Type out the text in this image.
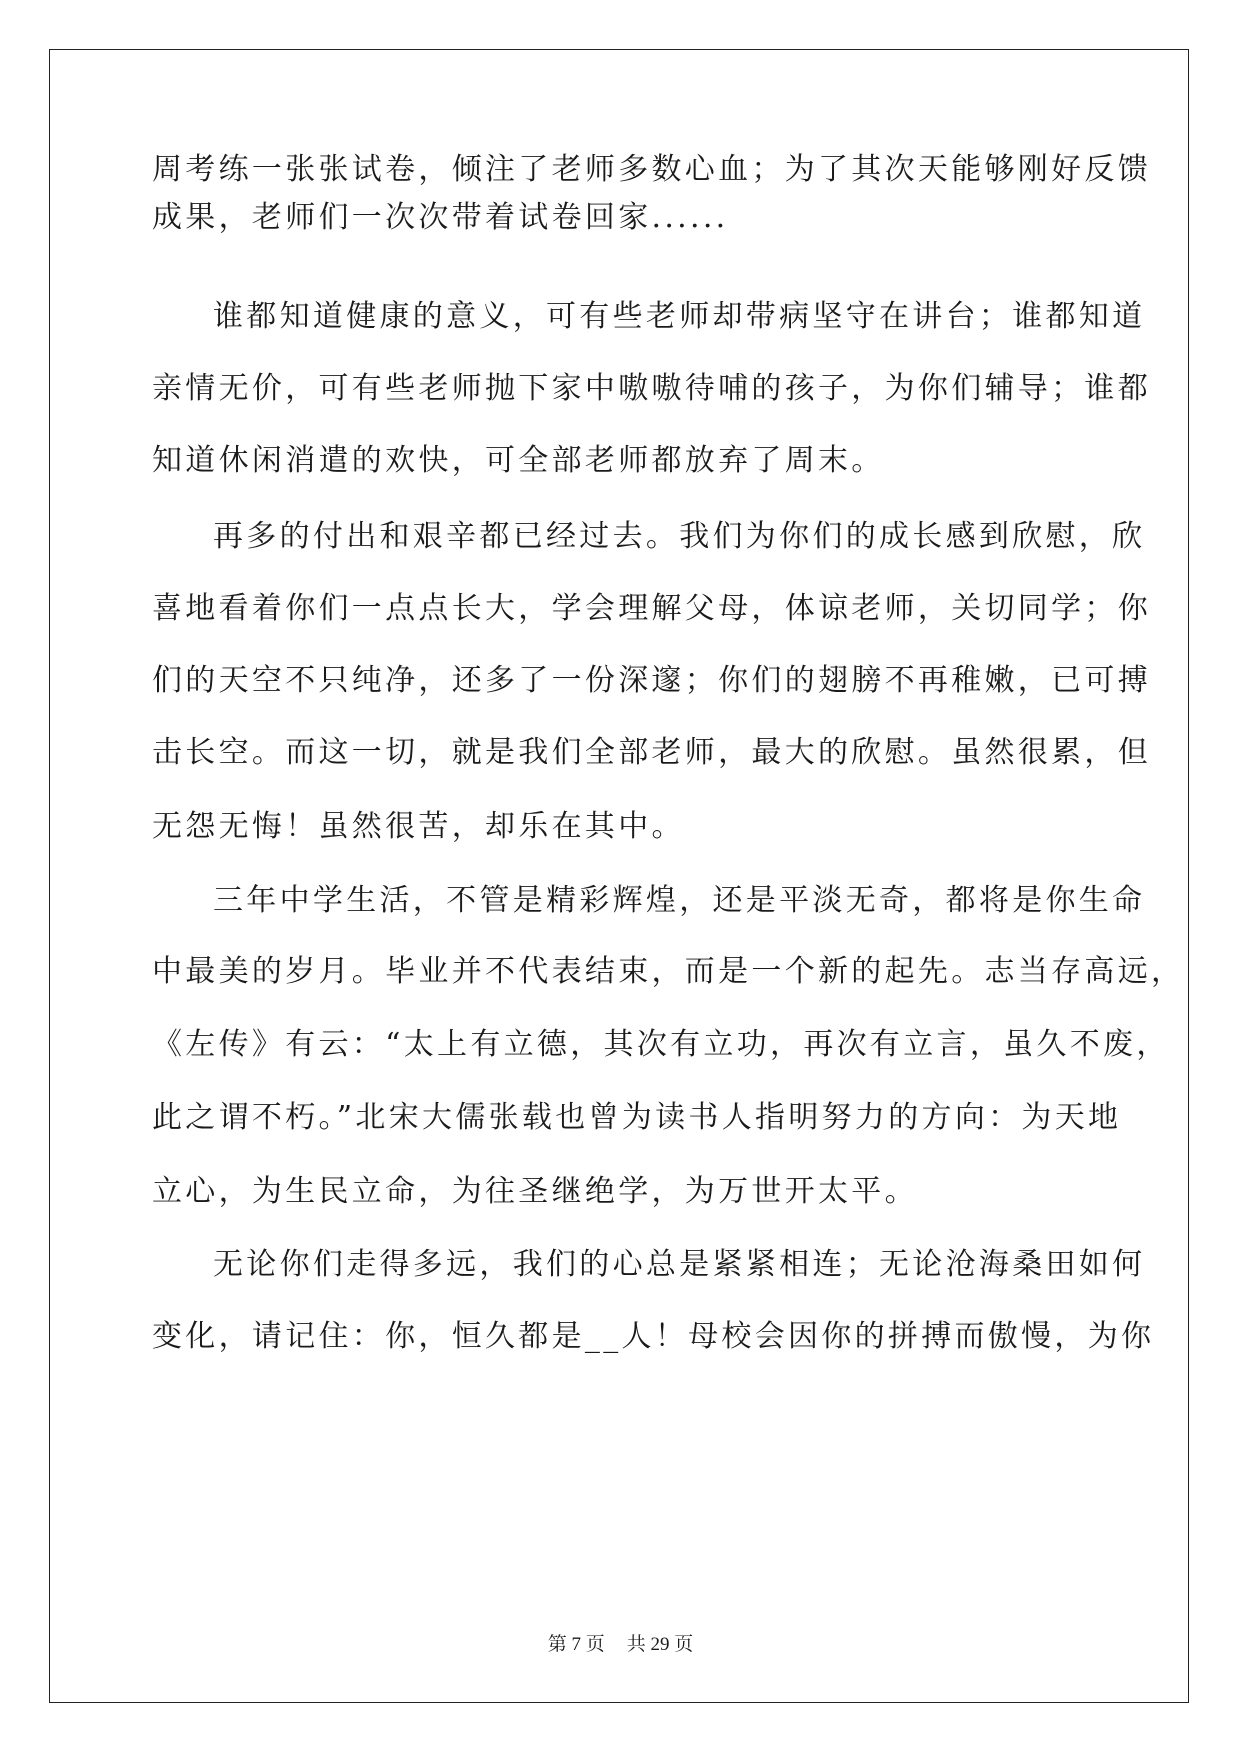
周考练一张张试卷，倾注了老师多数心血；为了其次天能够刚好反馈
成果，老师们一次次带着试卷回家......
谁都知道健康的意义，可有些老师却带病坚守在讲台；谁都知道
亲情无价，可有些老师抛下家中嗷嗷待哺的孩子，为你们辅导；谁都
知道休闲消遣的欢快，可全部老师都放弃了周末。
再多的付出和艰辛都已经过去。我们为你们的成长感到欣慰，欣
喜地看着你们一点点长大，学会理解父母，体谅老师，关切同学；你
们的天空不只纯净，还多了一份深邃；你们的翅膀不再稚嫩，已可搏
击长空。而这一切，就是我们全部老师，最大的欣慰。虽然很累，但
无怨无悔！虽然很苦，却乐在其中。
三年中学生活，不管是精彩辉煌，还是平淡无奇，都将是你生命
中最美的岁月。毕业并不代表结束，而是一个新的起先。志当存高远，
《左传》有云：“太上有立德，其次有立功，再次有立言，虽久不废，
此之谓不朽。”北宋大儒张载也曾为读书人指明努力的方向：为天地
立心，为生民立命，为往圣继绝学，为万世开太平。
无论你们走得多远，我们的心总是紧紧相连；无论沧海桑田如何
变化，请记住：你，恒久都是__人！母校会因你的拼搏而傲慢，为你
第 7 页 共 29 页
